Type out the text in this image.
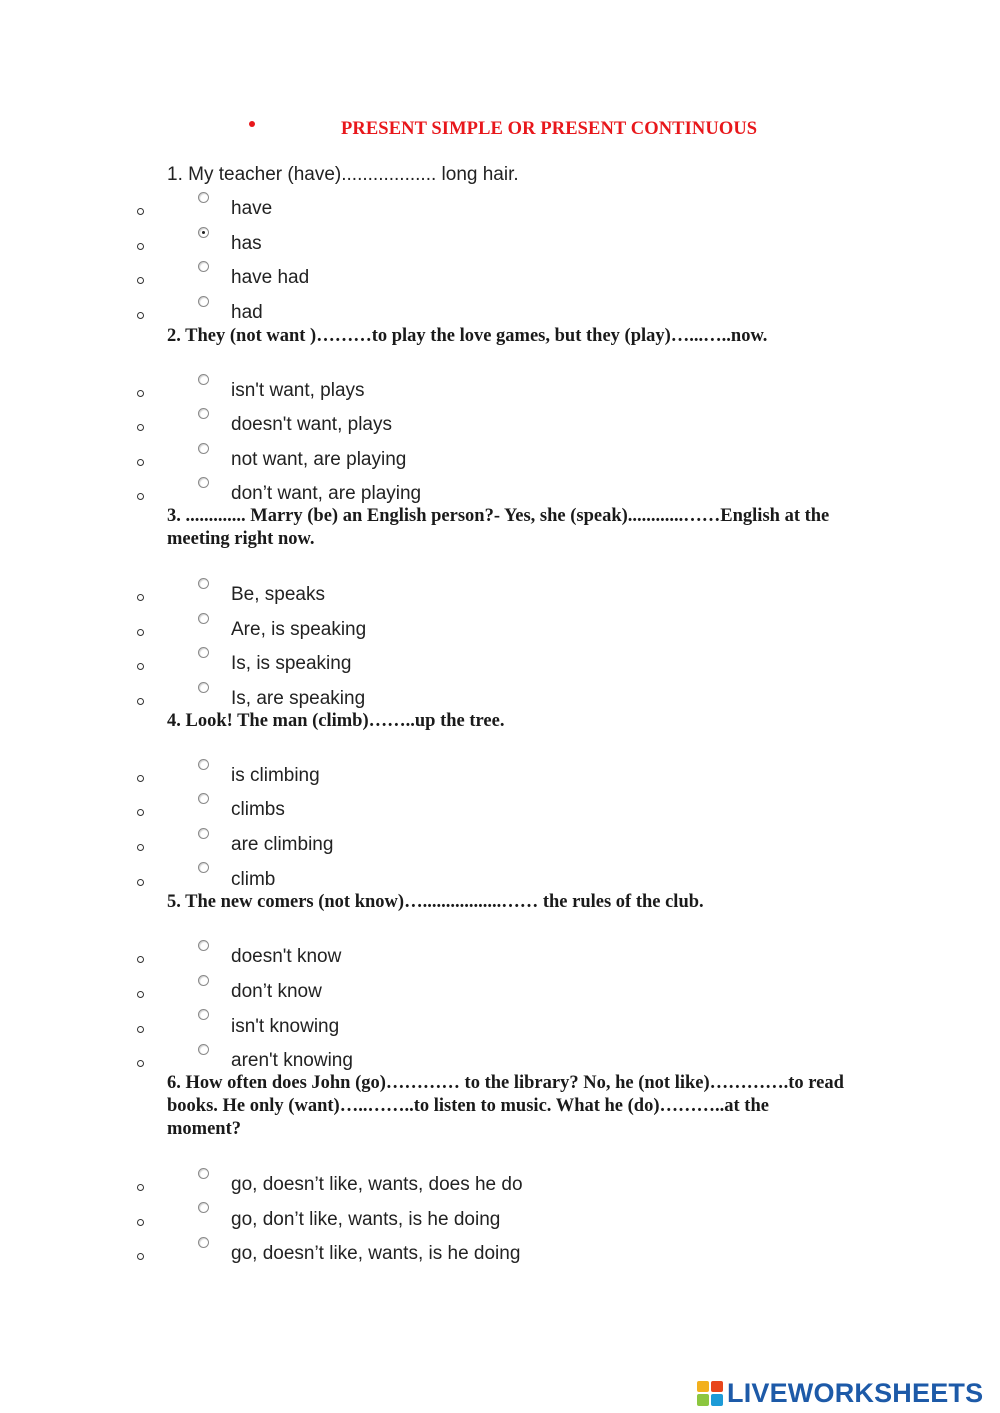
PRESENT SIMPLE OR PRESENT CONTINUOUS
1. My teacher (have).................. long hair.
have
has
have had
had
2. They (not want )………to play the love games, but they (play)…...…..now.
isn't want, plays
doesn't want, plays
not want, are playing
don’t want, are playing
3. ............. Marry (be) an English person?- Yes, she (speak)............……English at the
meeting right now.
Be, speaks
Are, is speaking
Is, is speaking
Is, are speaking
4. Look! The man (climb)……..up the tree.
is climbing
climbs
are climbing
climb
5. The new comers (not know)….................…… the rules of the club.
doesn't know
don’t know
isn't knowing
aren't knowing
6. How often does John (go)………… to the library? No, he (not like)………….to read
books. He only (want)…..……..to listen to music. What he (do)………..at the
moment?
go, doesn’t like, wants, does he do
go, don’t like, wants, is he doing
go, doesn’t like, wants, is he doing
LIVEWORKSHEETS
